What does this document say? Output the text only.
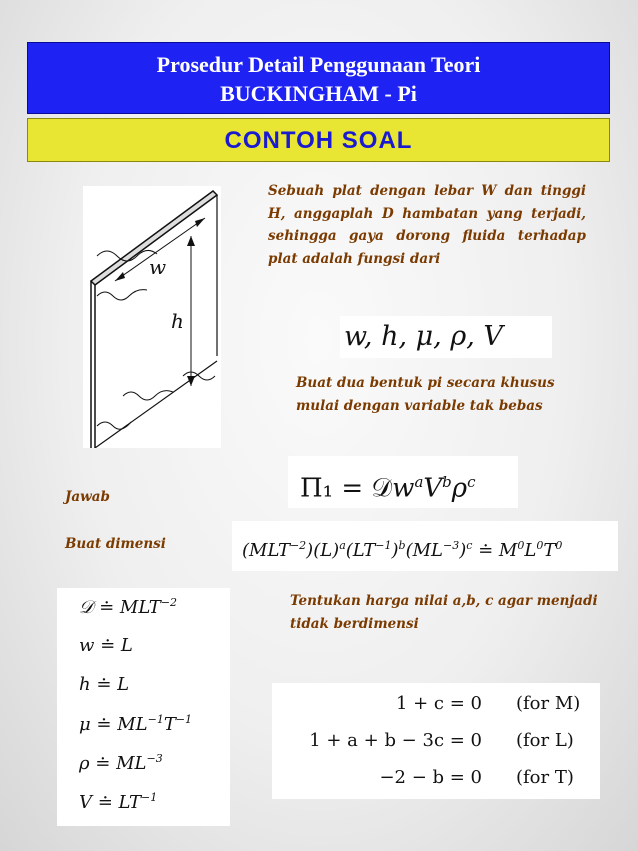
Prosedur Detail Penggunaan Teori
BUCKINGHAM - Pi
CONTOH SOAL
w
h
Sebuah plat dengan lebar W dan tinggi H, anggaplah D hambatan yang terjadi, sehingga gaya dorong fluida terhadap plat adalah fungsi dari
w, h, μ, ρ, V
Buat dua bentuk pi secara khusus mulai dengan variable tak bebas
$\Pi_1 = 𝒟w^aV^b\rho^c$
Jawab
Buat dimensi	$(MLT^{-2})(L)^a(LT^{-1})^b(ML^{-3})^c$ ≐ $M^0L^0T^0$
𝒟 ≐ $MLT^{-2}$
w ≐ L
h ≐ L
μ ≐ $ML^{-1}T^{-1}$
ρ ≐ $ML^{-3}$
V ≐ $LT^{-1}$
Tentukan harga nilai a,b, c agar menjadi tidak berdimensi
1 + c = 0 (for M)
1 + a + b − 3c = 0 (for L)
−2 − b = 0 (for T)
